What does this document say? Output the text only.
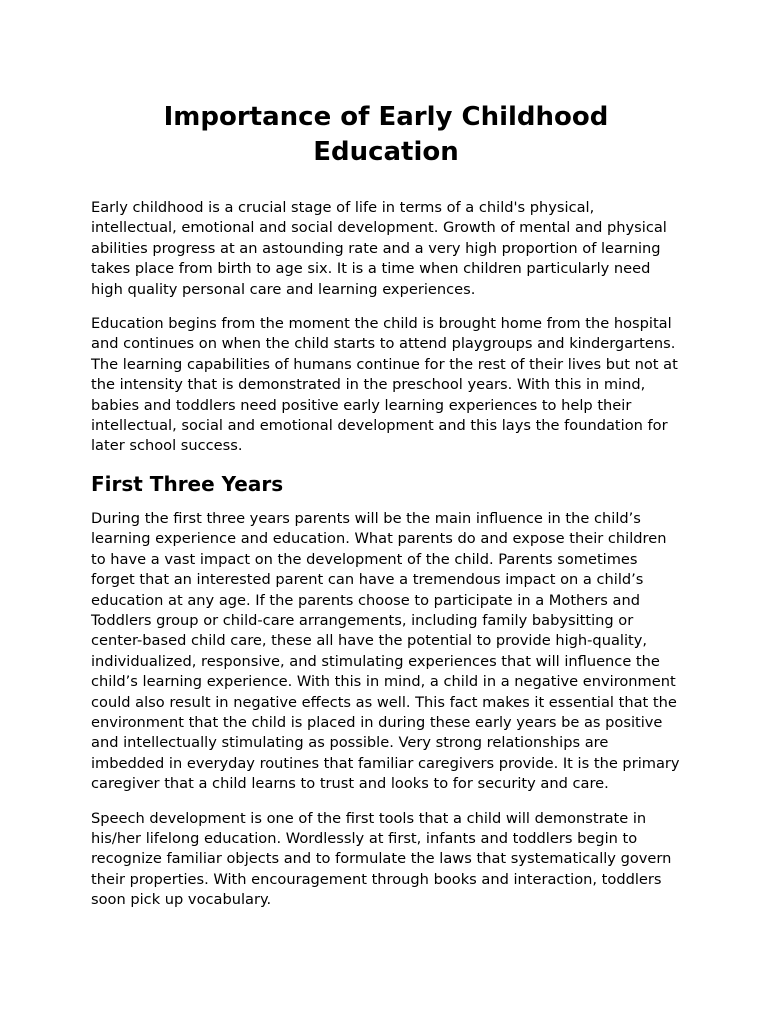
Importance of Early Childhood Education

Early childhood is a crucial stage of life in terms of a child's physical, intellectual, emotional and social development. Growth of mental and physical abilities progress at an astounding rate and a very high proportion of learning takes place from birth to age six. It is a time when children particularly need high quality personal care and learning experiences.

Education begins from the moment the child is brought home from the hospital and continues on when the child starts to attend playgroups and kindergartens. The learning capabilities of humans continue for the rest of their lives but not at the intensity that is demonstrated in the preschool years. With this in mind, babies and toddlers need positive early learning experiences to help their intellectual, social and emotional development and this lays the foundation for later school success.

First Three Years

During the first three years parents will be the main influence in the child’s learning experience and education. What parents do and expose their children to have a vast impact on the development of the child. Parents sometimes forget that an interested parent can have a tremendous impact on a child’s education at any age. If the parents choose to participate in a Mothers and Toddlers group or child-care arrangements, including family babysitting or center-based child care, these all have the potential to provide high-quality, individualized, responsive, and stimulating experiences that will influence the child’s learning experience. With this in mind, a child in a negative environment could also result in negative effects as well. This fact makes it essential that the environment that the child is placed in during these early years be as positive and intellectually stimulating as possible. Very strong relationships are imbedded in everyday routines that familiar caregivers provide. It is the primary caregiver that a child learns to trust and looks to for security and care.

Speech development is one of the first tools that a child will demonstrate in his/her lifelong education. Wordlessly at first, infants and toddlers begin to recognize familiar objects and to formulate the laws that systematically govern their properties. With encouragement through books and interaction, toddlers soon pick up vocabulary.
